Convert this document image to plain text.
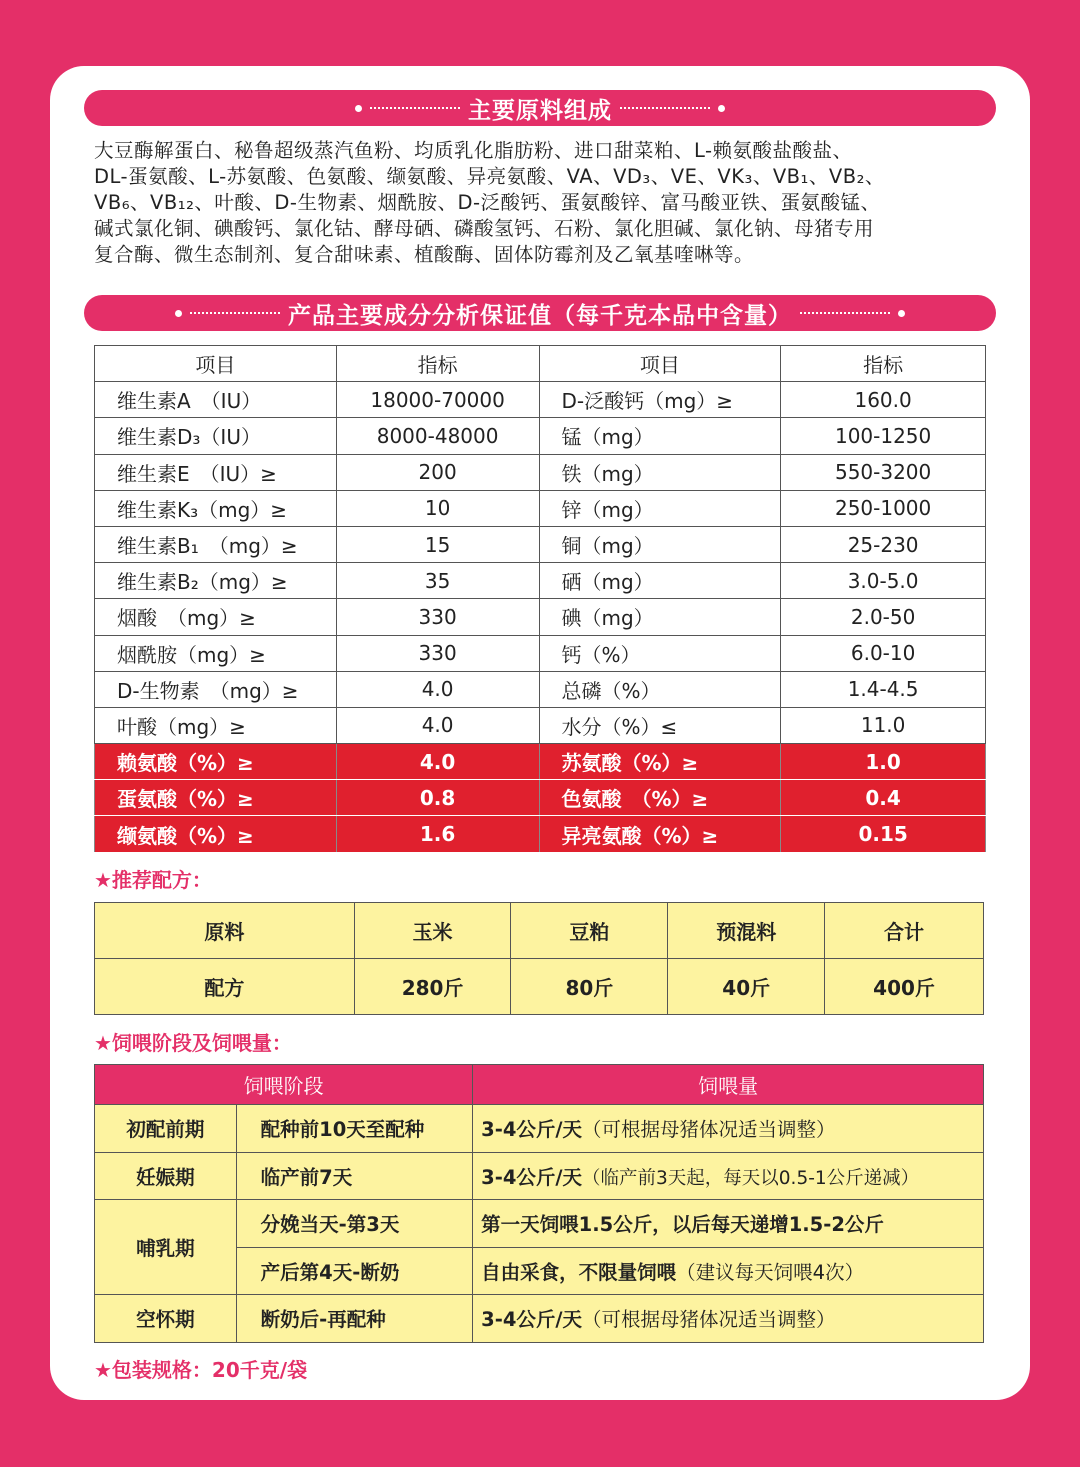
主要原料组成

大豆酶解蛋白、秘鲁超级蒸汽鱼粉、均质乳化脂肪粉、进口甜菜粕、L-赖氨酸盐酸盐、

DL-蛋氨酸、L-苏氨酸、色氨酸、缬氨酸、异亮氨酸、VA、VD₃、VE、VK₃、VB₁、VB₂、

VB₆、VB₁₂、叶酸、D-生物素、烟酰胺、D-泛酸钙、蛋氨酸锌、富马酸亚铁、蛋氨酸锰、

碱式氯化铜、碘酸钙、氯化钴、酵母硒、磷酸氢钙、石粉、氯化胆碱、氯化钠、母猪专用

复合酶、微生态制剂、复合甜味素、植酸酶、固体防霉剂及乙氧基喹啉等。

产品主要成分分析保证值（每千克本品中含量）
项目	指标	项目	指标
维生素A　（IU）	18000-70000	D-泛酸钙（mg）≥	160.0
维生素D₃（IU）	8000-48000	锰（mg）	100-1250
维生素E　（IU）≥	200	铁（mg）	550-3200
维生素K₃（mg）≥	10	锌（mg）	250-1000
维生素B₁　（mg）≥	15	铜（mg）	25-230
维生素B₂（mg）≥	35	硒（mg）	3.0-5.0
烟酸　（mg）≥	330	碘（mg）	2.0-50
烟酰胺（mg）≥	330	钙（%）	6.0-10
D-生物素　（mg）≥	4.0	总磷（%）	1.4-4.5
叶酸（mg）≥	4.0	水分（%）≤	11.0
赖氨酸（%）≥	4.0	苏氨酸（%）≥	1.0
蛋氨酸（%）≥	0.8	色氨酸　（%）≥	0.4
缬氨酸（%）≥	1.6	异亮氨酸（%）≥	0.15
★推荐配方：
原料	玉米	豆粕	预混料	合计
配方	280斤	80斤	40斤	400斤
★饲喂阶段及饲喂量：
饲喂阶段		饲喂量
初配前期	配种前10天至配种	3-4公斤/天（可根据母猪体况适当调整）
妊娠期	临产前7天	3-4公斤/天（临产前3天起，每天以0.5-1公斤递减）
哺乳期	分娩当天-第3天	第一天饲喂1.5公斤，以后每天递增1.5-2公斤
	产后第4天-断奶	自由采食，不限量饲喂（建议每天饲喂4次）
空怀期	断奶后-再配种	3-4公斤/天（可根据母猪体况适当调整）
★包装规格：20千克/袋
